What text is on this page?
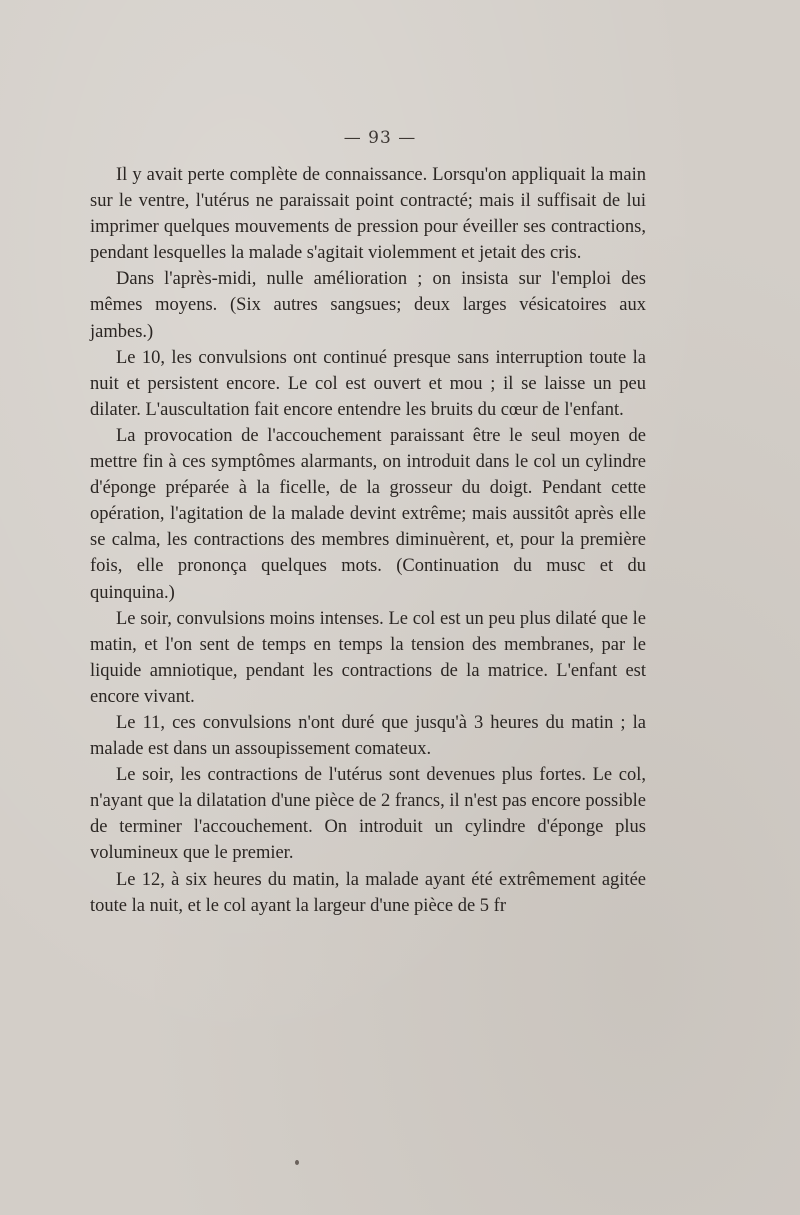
— 93 —

Il y avait perte complète de connaissance. Lorsqu'on appliquait la main sur le ventre, l'utérus ne paraissait point contracté; mais il suffisait de lui imprimer quelques mouvements de pression pour éveiller ses contractions, pendant lesquelles la malade s'agitait violemment et jetait des cris.

Dans l'après-midi, nulle amélioration ; on insista sur l'emploi des mêmes moyens. (Six autres sangsues; deux larges vésicatoires aux jambes.)

Le 10, les convulsions ont continué presque sans interruption toute la nuit et persistent encore. Le col est ouvert et mou ; il se laisse un peu dilater. L'auscultation fait encore entendre les bruits du cœur de l'enfant.

La provocation de l'accouchement paraissant être le seul moyen de mettre fin à ces symptômes alarmants, on introduit dans le col un cylindre d'éponge préparée à la ficelle, de la grosseur du doigt. Pendant cette opération, l'agitation de la malade devint extrême; mais aussitôt après elle se calma, les contractions des membres diminuèrent, et, pour la première fois, elle prononça quelques mots. (Continuation du musc et du quinquina.)

Le soir, convulsions moins intenses. Le col est un peu plus dilaté que le matin, et l'on sent de temps en temps la tension des membranes, par le liquide amniotique, pendant les contractions de la matrice. L'enfant est encore vivant.

Le 11, ces convulsions n'ont duré que jusqu'à 3 heures du matin ; la malade est dans un assoupissement comateux.

Le soir, les contractions de l'utérus sont devenues plus fortes. Le col, n'ayant que la dilatation d'une pièce de 2 francs, il n'est pas encore possible de terminer l'accouchement. On introduit un cylindre d'éponge plus volumineux que le premier.

Le 12, à six heures du matin, la malade ayant été extrêmement agitée toute la nuit, et le col ayant la largeur d'une pièce de 5 fr
